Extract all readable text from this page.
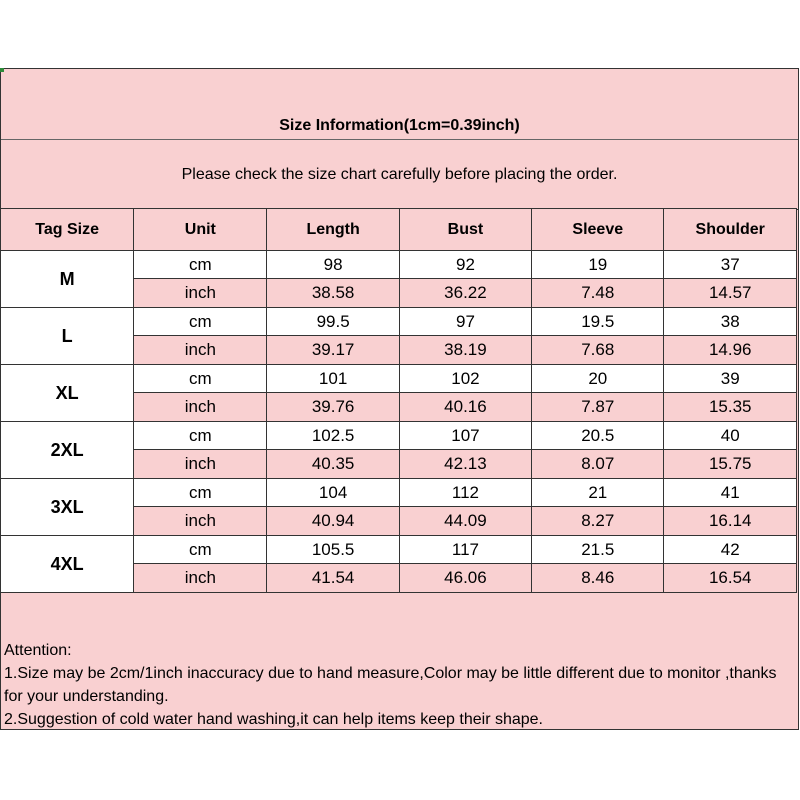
Size Information(1cm=0.39inch)
Please check the size chart carefully before placing the order.
Tag Size	Unit	Length	Bust	Sleeve	Shoulder
M	cm	98	92	19	37
	inch	38.58	36.22	7.48	14.57
L	cm	99.5	97	19.5	38
	inch	39.17	38.19	7.68	14.96
XL	cm	101	102	20	39
	inch	39.76	40.16	7.87	15.35
2XL	cm	102.5	107	20.5	40
	inch	40.35	42.13	8.07	15.75
3XL	cm	104	112	21	41
	inch	40.94	44.09	8.27	16.14
4XL	cm	105.5	117	21.5	42
	inch	41.54	46.06	8.46	16.54
Attention:
1.Size may be 2cm/1inch inaccuracy due to hand measure,Color may be little different due to monitor ,thanks for your understanding.
2.Suggestion of cold water hand washing,it can help items keep their shape.
